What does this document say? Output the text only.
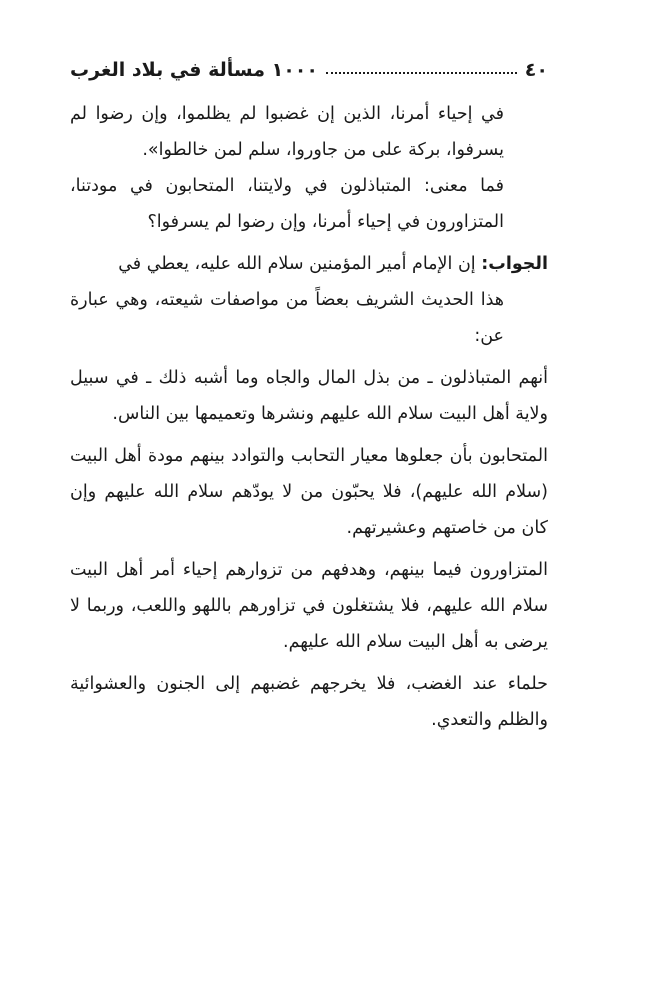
٤٠
١٠٠٠ مسألة في بلاد الغرب

في إحياء أمرنا، الذين إن غضبوا لم يظلموا، وإن رضوا لم يسرفوا، بركة على من جاوروا، سلم لمن خالطوا».

فما معنى: المتباذلون في ولايتنا، المتحابون في مودتنا، المتزاورون في إحياء أمرنا، وإن رضوا لم يسرفوا؟

الجواب: إن الإمام أمير المؤمنين سلام الله عليه، يعطي في

هذا الحديث الشريف بعضاً من مواصفات شيعته، وهي عبارة عن:

أنهم المتباذلون ـ من بذل المال والجاه وما أشبه ذلك ـ في سبيل ولاية أهل البيت سلام الله عليهم ونشرها وتعميمها بين الناس.

المتحابون بأن جعلوها معيار التحابب والتوادد بينهم مودة أهل البيت (سلام الله عليهم)، فلا يحبّون من لا يودّهم سلام الله عليهم وإن كان من خاصتهم وعشيرتهم.

المتزاورون فيما بينهم، وهدفهم من تزوارهم إحياء أمر أهل البيت سلام الله عليهم، فلا يشتغلون في تزاورهم باللهو واللعب، وربما لا يرضى به أهل البيت سلام الله عليهم.

حلماء عند الغضب، فلا يخرجهم غضبهم إلى الجنون والعشوائية والظلم والتعدي.
